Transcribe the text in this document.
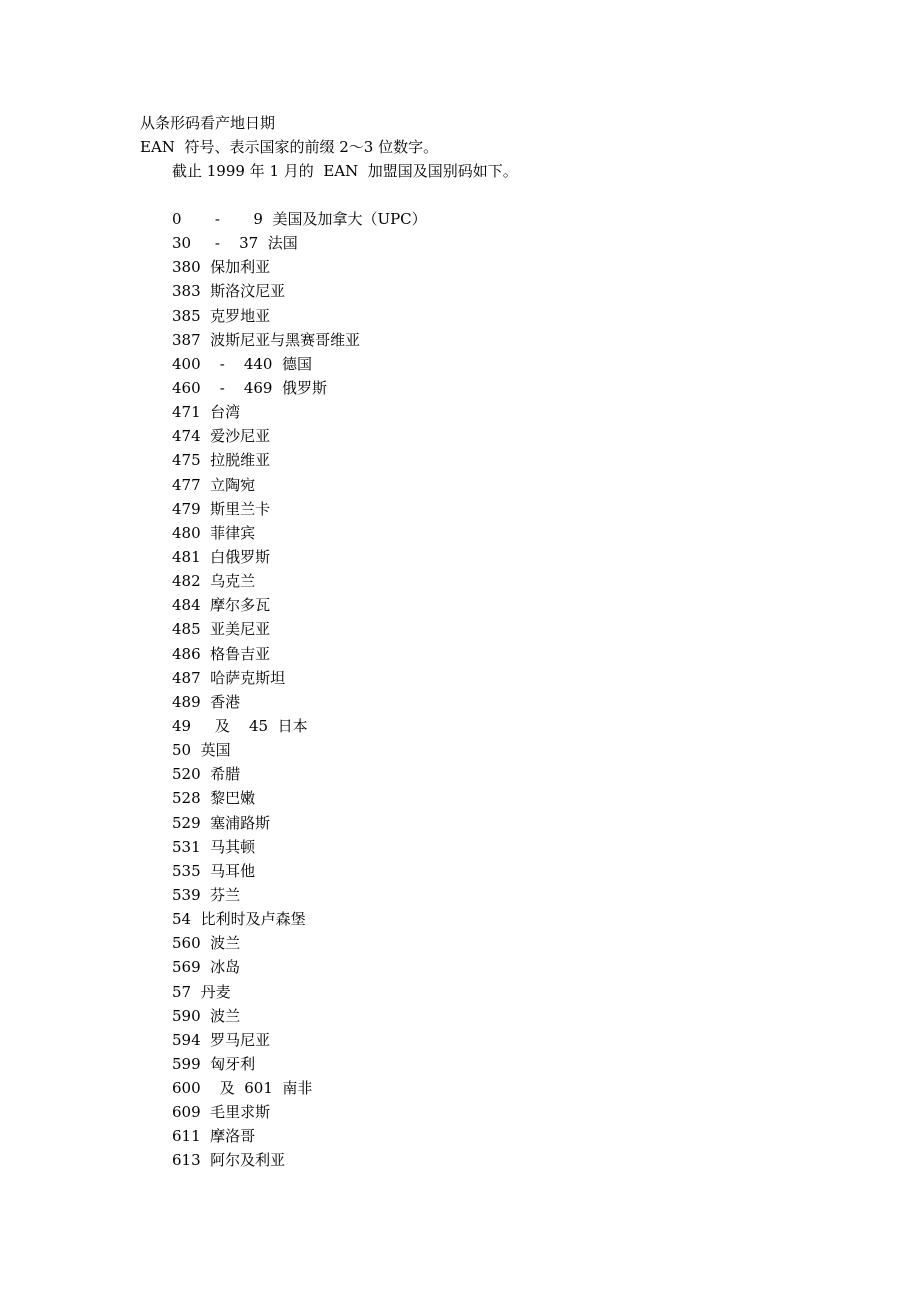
从条形码看产地日期
EAN  符号、表示国家的前缀 2～3 位数字。
截止 1999 年 1 月的  EAN  加盟国及国别码如下。
0       -       9  美国及加拿大（UPC）
30     -    37  法国
380  保加利亚
383  斯洛汶尼亚
385  克罗地亚
387  波斯尼亚与黑赛哥维亚
400    -    440  德国
460    -    469  俄罗斯
471  台湾
474  爱沙尼亚
475  拉脱维亚
477  立陶宛
479  斯里兰卡
480  菲律宾
481  白俄罗斯
482  乌克兰
484  摩尔多瓦
485  亚美尼亚
486  格鲁吉亚
487  哈萨克斯坦
489  香港
49     及    45  日本
50  英国
520  希腊
528  黎巴嫩
529  塞浦路斯
531  马其顿
535  马耳他
539  芬兰
54  比利时及卢森堡
560  波兰
569  冰岛
57  丹麦
590  波兰
594  罗马尼亚
599  匈牙利
600    及  601  南非
609  毛里求斯
611  摩洛哥
613  阿尔及利亚
